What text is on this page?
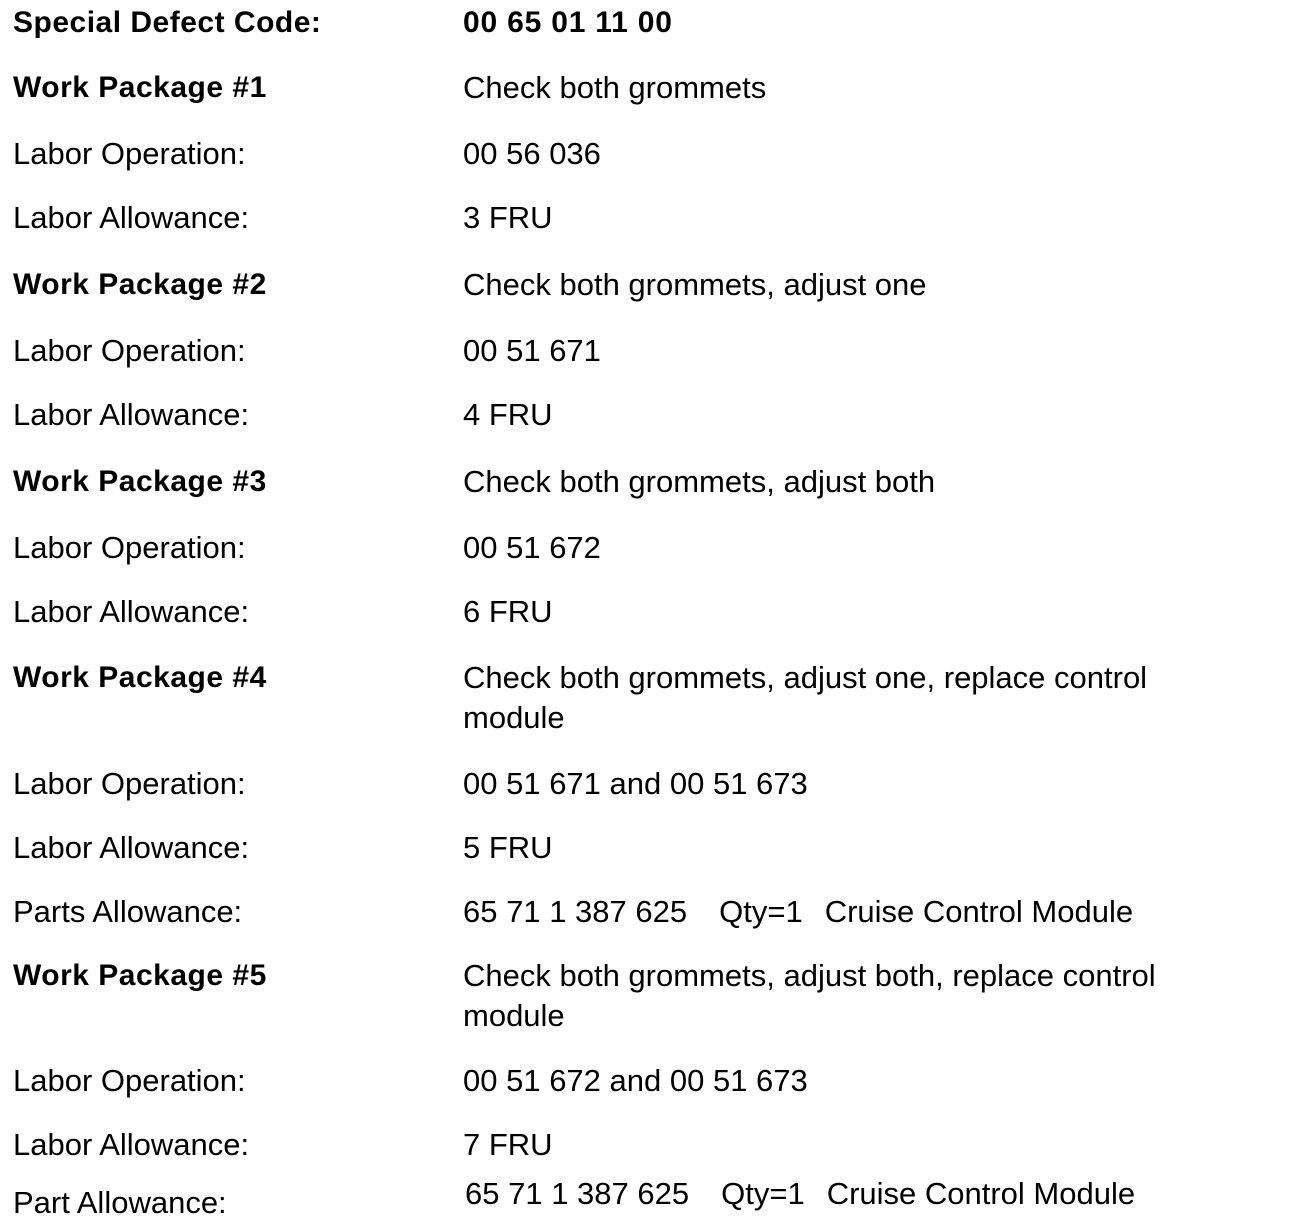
Special Defect Code:	00 65 01 11 00
Work Package #1	Check both grommets
Labor Operation:	00 56 036
Labor Allowance:	3 FRU
Work Package #2	Check both grommets, adjust one
Labor Operation:	00 51 671
Labor Allowance:	4 FRU
Work Package #3	Check both grommets, adjust both
Labor Operation:	00 51 672
Labor Allowance:	6 FRU
Work Package #4	Check both grommets, adjust one, replace control module
Labor Operation:	00 51 671 and 00 51 673
Labor Allowance:	5 FRU
Parts Allowance:	65 71 1 387 625 Qty=1 Cruise Control Module
Work Package #5	Check both grommets, adjust both, replace control module
Labor Operation:	00 51 672 and 00 51 673
Labor Allowance:	7 FRU
Part Allowance:	65 71 1 387 625 Qty=1 Cruise Control Module
